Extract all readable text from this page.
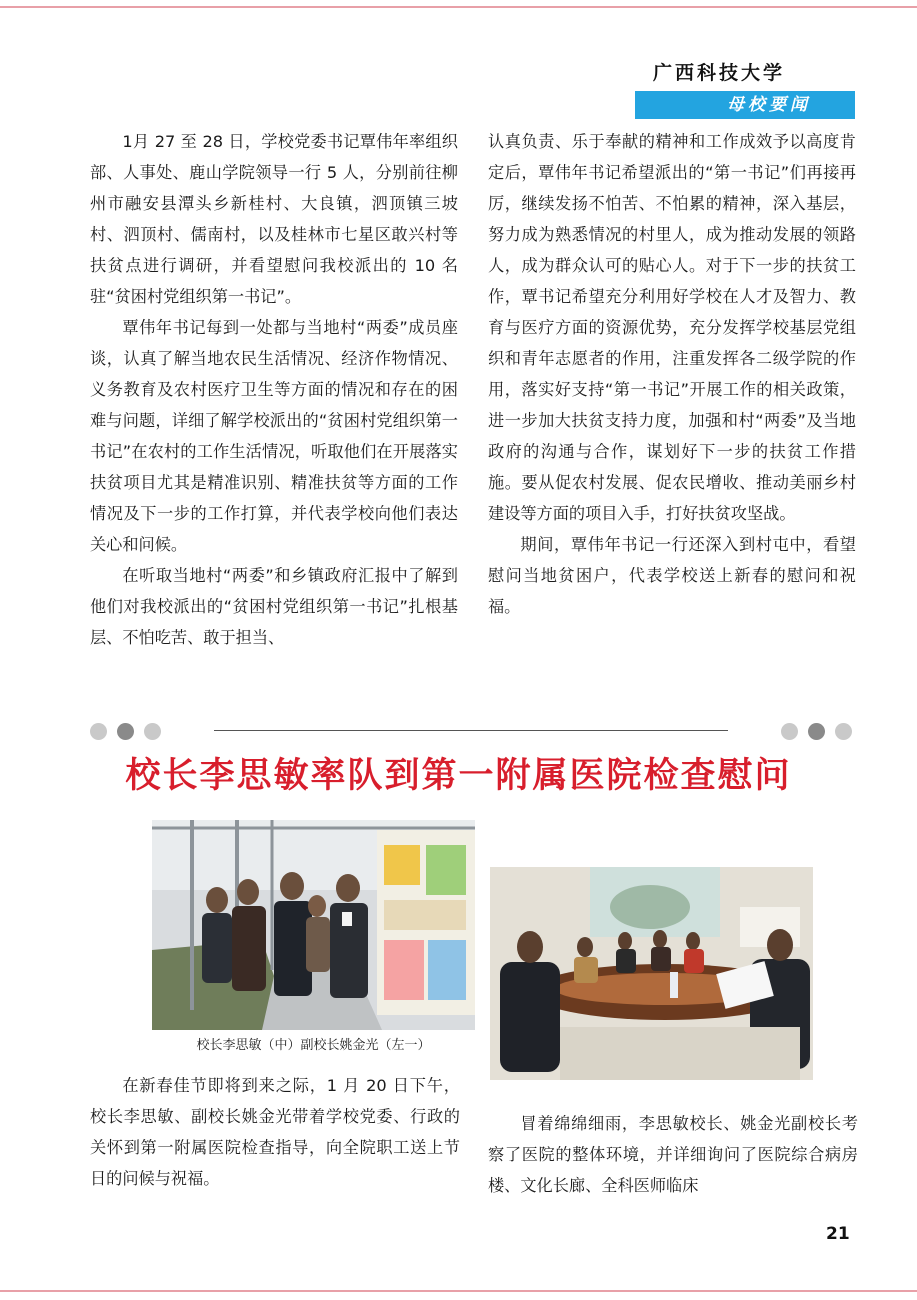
广西科技大学
母校要闻

1月 27 至 28 日，学校党委书记覃伟年率组织部、人事处、鹿山学院领导一行 5 人，分别前往柳州市融安县潭头乡新桂村、大良镇，泗顶镇三坡村、泗顶村、儒南村，以及桂林市七星区敢兴村等扶贫点进行调研，并看望慰问我校派出的 10 名驻“贫困村党组织第一书记”。

覃伟年书记每到一处都与当地村“两委”成员座谈，认真了解当地农民生活情况、经济作物情况、义务教育及农村医疗卫生等方面的情况和存在的困难与问题，详细了解学校派出的“贫困村党组织第一书记”在农村的工作生活情况，听取他们在开展落实扶贫项目尤其是精准识别、精准扶贫等方面的工作情况及下一步的工作打算，并代表学校向他们表达关心和问候。

在听取当地村“两委”和乡镇政府汇报中了解到他们对我校派出的“贫困村党组织第一书记”扎根基层、不怕吃苦、敢于担当、

认真负责、乐于奉献的精神和工作成效予以高度肯定后，覃伟年书记希望派出的“第一书记”们再接再厉，继续发扬不怕苦、不怕累的精神，深入基层，努力成为熟悉情况的村里人，成为推动发展的领路人，成为群众认可的贴心人。对于下一步的扶贫工作，覃书记希望充分利用好学校在人才及智力、教育与医疗方面的资源优势，充分发挥学校基层党组织和青年志愿者的作用，注重发挥各二级学院的作用，落实好支持“第一书记”开展工作的相关政策，进一步加大扶贫支持力度，加强和村“两委”及当地政府的沟通与合作，谋划好下一步的扶贫工作措施。要从促农村发展、促农民增收、推动美丽乡村建设等方面的项目入手，打好扶贫攻坚战。

期间，覃伟年书记一行还深入到村屯中，看望慰问当地贫困户，代表学校送上新春的慰问和祝福。

校长李思敏率队到第一附属医院检查慰问
校长李思敏（中）副校长姚金光（左一）

在新春佳节即将到来之际，1 月 20 日下午，校长李思敏、副校长姚金光带着学校党委、行政的关怀到第一附属医院检查指导，向全院职工送上节日的问候与祝福。

冒着绵绵细雨，李思敏校长、姚金光副校长考察了医院的整体环境，并详细询问了医院综合病房楼、文化长廊、全科医师临床

21
